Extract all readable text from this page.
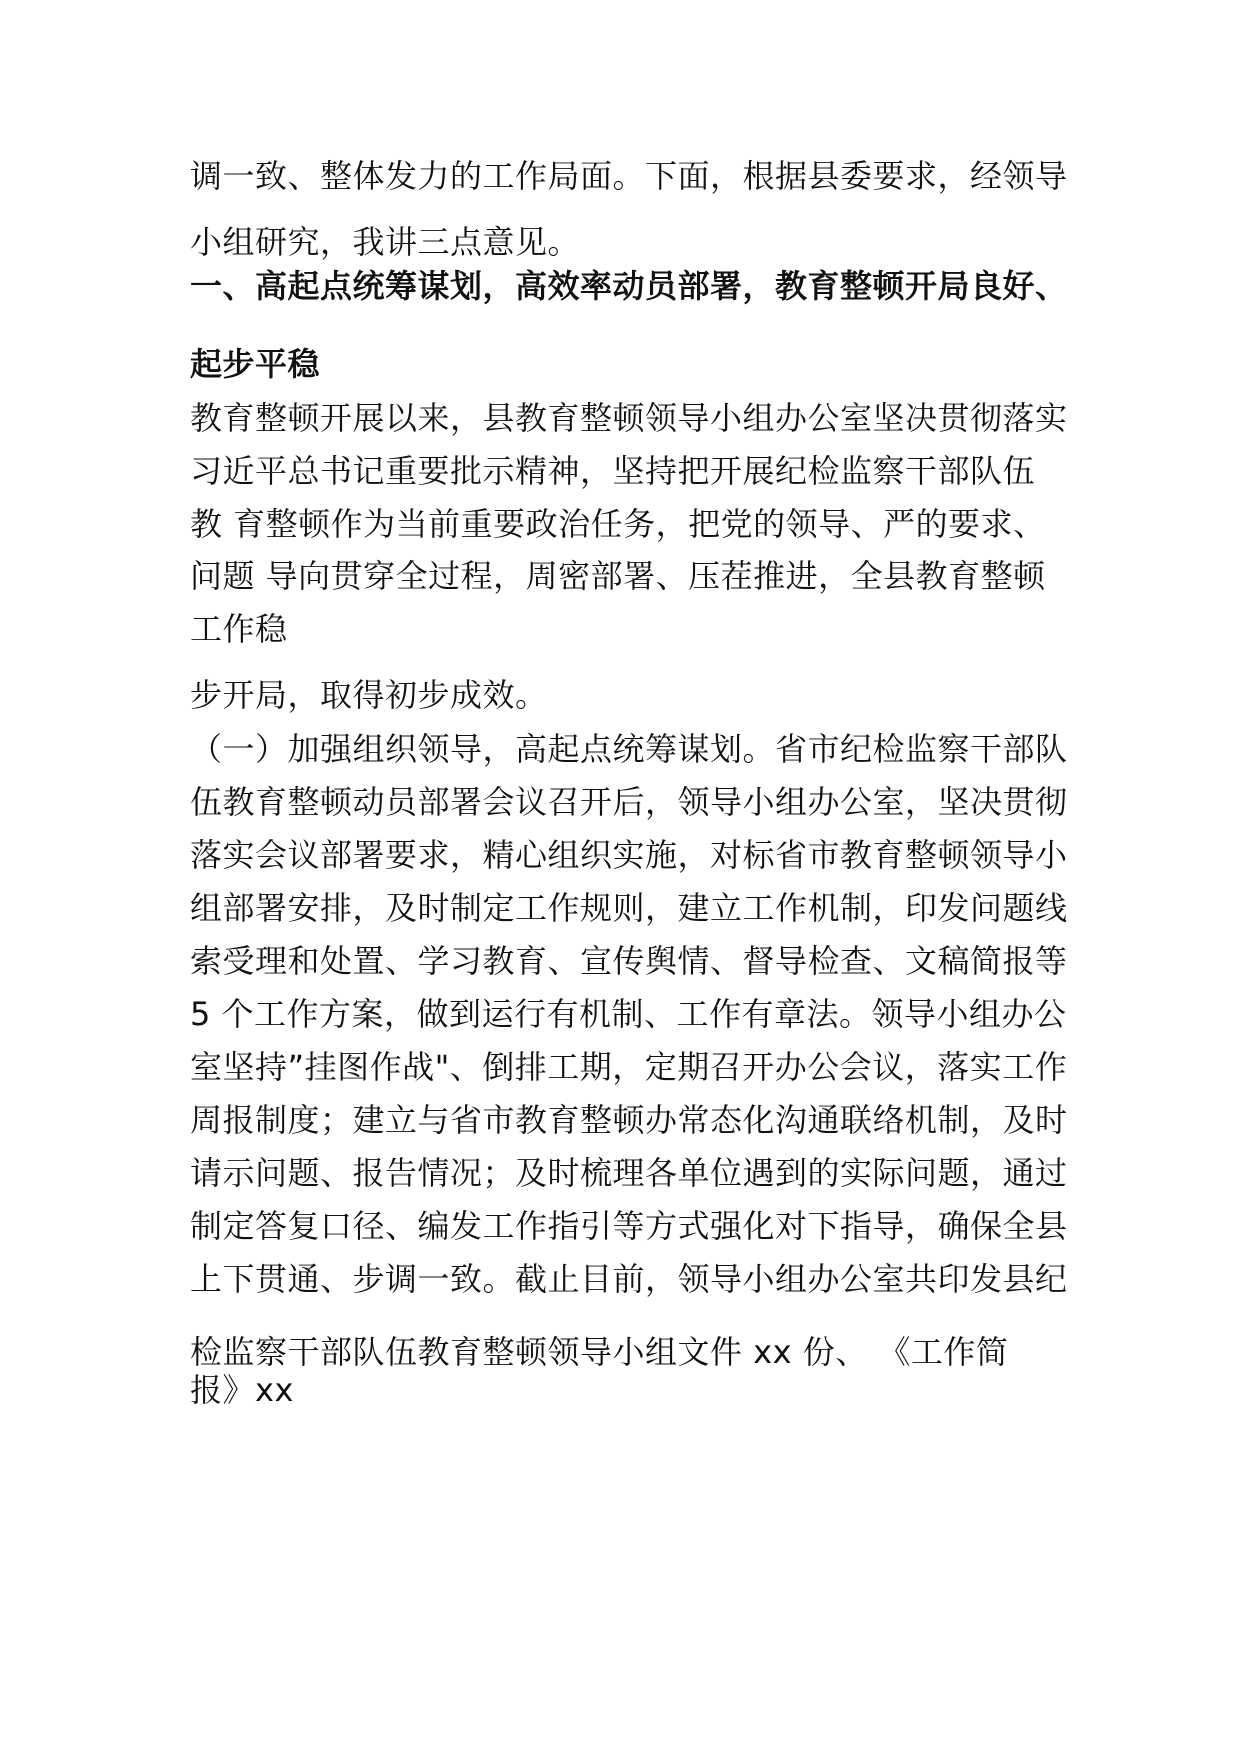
调一致、整体发力的工作局面。下面，根据县委要求，经领导
小组研究，我讲三点意见。
一、高起点统筹谋划，高效率动员部署，教育整顿开局良好、
起步平稳
教育整顿开展以来，县教育整顿领导小组办公室坚决贯彻落实
习近平总书记重要批示精神，坚持把开展纪检监察干部队伍
教 育整顿作为当前重要政治任务，把党的领导、严的要求、
问题 导向贯穿全过程，周密部署、压茬推进，全县教育整顿
工作稳
步开局，取得初步成效。
（一）加强组织领导，高起点统筹谋划。省市纪检监察干部队
伍教育整顿动员部署会议召开后，领导小组办公室，坚决贯彻
落实会议部署要求，精心组织实施，对标省市教育整顿领导小
组部署安排，及时制定工作规则，建立工作机制，印发问题线
索受理和处置、学习教育、宣传舆情、督导检查、文稿简报等
5 个工作方案，做到运行有机制、工作有章法。领导小组办公
室坚持”挂图作战"、倒排工期，定期召开办公会议，落实工作
周报制度；建立与省市教育整顿办常态化沟通联络机制，及时
请示问题、报告情况；及时梳理各单位遇到的实际问题，通过
制定答复口径、编发工作指引等方式强化对下指导，确保全县
上下贯通、步调一致。截止目前，领导小组办公室共印发县纪
检监察干部队伍教育整顿领导小组文件 xx 份、 《工作简
报》xx
